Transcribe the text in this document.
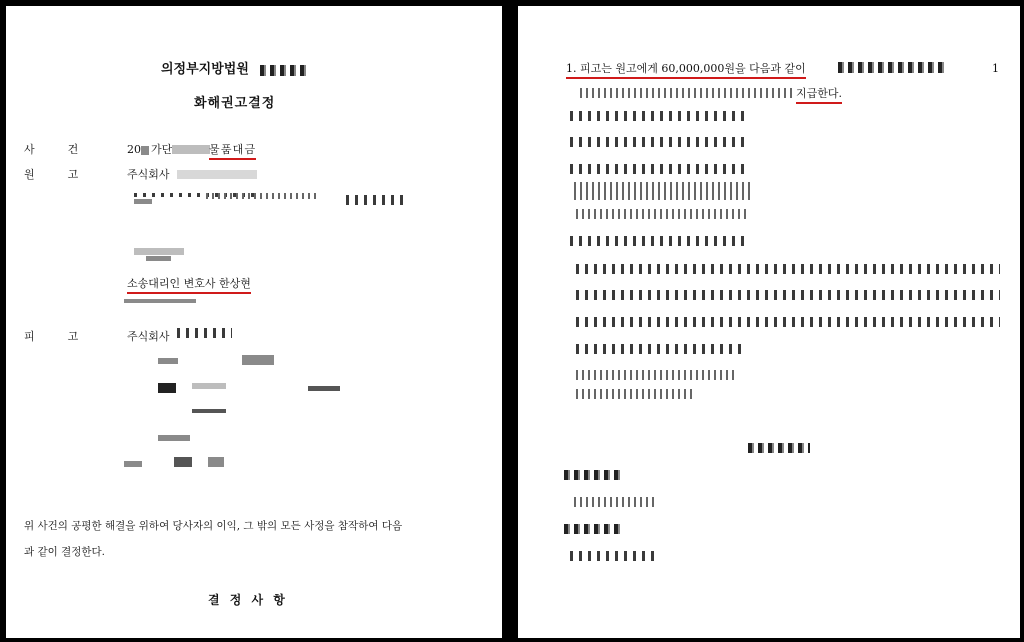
의정부지방법원
화해권고결정
사　　　건	20 가단	물품대금
원　　　고	주식회사
소송대리인 변호사 한상현
피　　　고	주식회사
위 사건의 공평한 해결을 위하여 당사자의 이익, 그 밖의 모든 사정을 참작하여 다음
과 같이 결정한다.
결 정 사 항
1. 피고는 원고에게 60,000,000원을 다음과 같이	1
지급한다.
